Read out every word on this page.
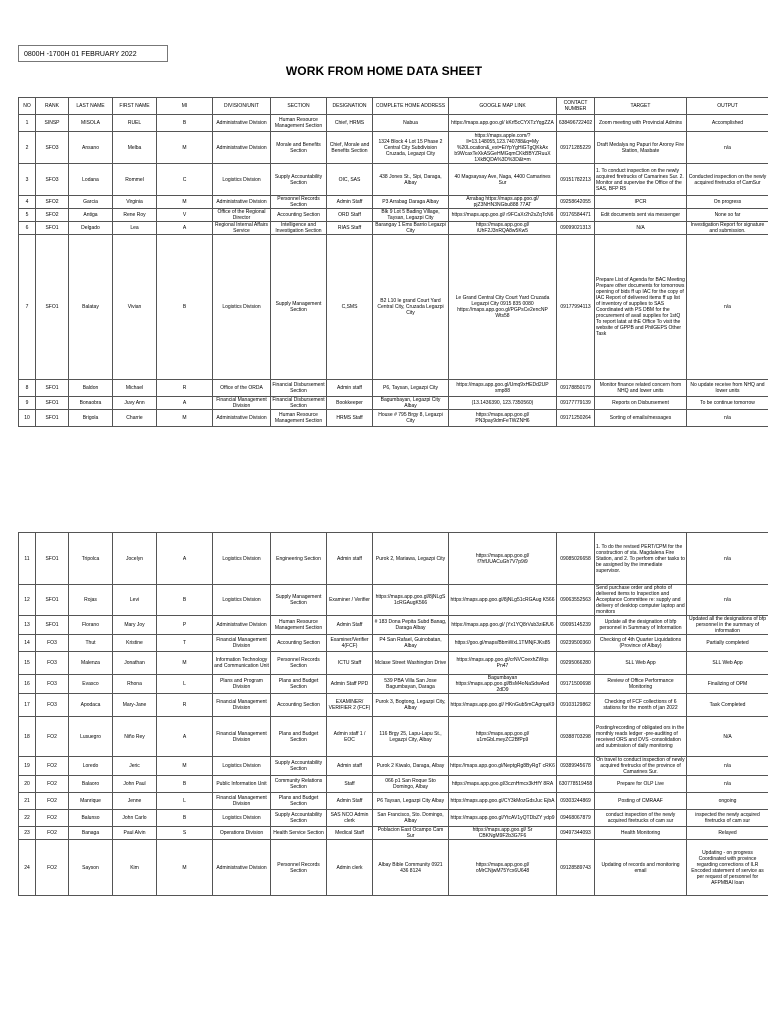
0800H -1700H 01 FEBRUARY 2022
WORK FROM HOME DATA SHEET
NO	RANK	LAST NAME	FIRST NAME	MI	DIVISION/UNIT	SECTION	DESIGNATION	COMPLETE HOME ADDRESS	GOOGLE MAP LINK	CONTACT NUMBER	TARGET	OUTPUT
1	SINSP	MISOLA	RUEL	B	Administrative Division	Human Resource Management Section	Chief, HRMS	Nabua	https://maps.app.goo.gl/ kKrf5cCYXTzYqgZZA	638496722402	Zoom meeting with Provincial Admins	Accomplished
2	SFO3	Ansano	Melba	M	Administrative Division	Morale and Benefits Section	Chief, Morale and Benefits Section	1324 Block 4 Lot 15 Phase 2 Central City Subdivision Cruzada, Legazpi City	https://maps.apple.com/? ll=13.148055,123.740788&q=My %20Location&_ext=EiYpYgHiGTgQKkAx b9WcaxTeXkASGeHMGqmCKkBBYZRuuX 1XkBQDA%3D%3D&t=m	09171285229	Draft Medalya ng Papuri for Aroroy Fire Station, Masbate	n/a
3	SFO3	Lodana	Rommel	C	Logistics Division	Supply Accountability Section	OIC, SAS	438 Jones St., Sipi, Daraga, Albay	40 Magsaysay Ave, Naga, 4400 Camarines Sur	09151782213	1. To conduct inspection on the newly acquired firetrucks of Camarines Sur. 2. Monitor and supervise the Office of the SAS, BFP R5	Conducted inspection on the newly acquired firetrucks of CamSur
4	SFO2	Garcia	Virginia	M	Administrative Division	Personnel Records Section	Admin Staff	P3 Arrabag Daraga Albay	Arrabag https://maps.app.goo.gl/ pjZ3NHN3NGbu888 77AT	09258642055	IPCR	On progress
5	SFO2	Antiga	Rene Roy	V	Office of the Regional Director	Accounting Section	ORD Staff	Blk 9 Lot 5 Bading Village, Taysan, Legazpi City	https://maps.app.goo.gl/ r9FCaXr2h2sZqTcN6	09176584471	Edit documents sent via messenger	None so far
6	SFO1	Delgado	Lea	A	Regional Internal Affairs Service	Intelligence and Investigation Section	RIAS Staff	Barangay 1 Ems Barrio Legazpi City	https://maps.app.goo.gl/ iUhF2J3nRQA8w5Kw5	09099021313	N/A	Investigation Report for signature and submission.
7	SFO1	Balatay	Vivian	B	Logistics Division	Supply Management Section	C,SMS	B2 L10 le grand Court Yard Central City, Cruzada Legazpi City	Le Grand Central City Court Yard Cruzada Legazpi City 0915 835 0080 https://maps.app.goo.gl/PGPsCe2encNP Wts58	09177994113	Prepare List of Agenda for BAC Meeting Prepare other documents for tomorrows opening of bids ff up IAC for the copy of IAC Report of delivered items ff up list of inventory of supplies to SAS Coordinated with PS DBM for the procurement of avail supplies for 1stQ To report latat at thE Office To visit the website of GPPB and PhilGEPS Other Task	n/a
8	SFO1	Baldon	Michael	R	Office of the ORDA	Financial Disbursement Section	Admin staff	P6, Taysan, Legazpi City	https://maps.app.goo.gl/Umq9xHEDd2UP smp88	09178850179	Monitor finance related concern from NHQ and lower units	No update receive from NHQ and lower units
9	SFO1	Bonaobra	Juvy Ann	A	Financial Management Division	Financial Disbursement Section	Bookkeeper	Bagumbayan, Legazpi City Albay	(13.1436390, 123.7350560)	09177779139	Reports on Disbursement	To be continue tomorrow
10	SFO1	Brigola	Charrie	M	Administrative Division	Human Resource Management Section	HRMS Staff	House # 795 Brgy 8, Legazpi City	https://maps.app.goo.gl/ PN3pay9dmFeTWZNH6	09171250264	Sorting of emails/messages	n/a
11	SFO1	Tripolca	Jocelyn	A	Logistics Division	Engineering Section	Admin staff	Purok 2, Mariawa, Legazpi City	https://maps.app.goo.gl/ f7hfUUACuGh7V7p9i9	09085026658	1. To do the revised PERT/CPM for the construction of sta. Magdalena Fire Station, and 2. To perform other tasks to be assigned by the immediate supervisor.	n/a
12	SFO1	Rojas	Levi	B	Logistics Division	Supply Management Section	Examiner / Verifier	https://maps.app.goo.gl/8jNLgS 1cRGAugK566	https://maps.app.goo.gl/8jNLg51cRGAug K566	09063552563	Send purchase order and photo of delivered items to Inspection and Acceptance Committee re: supply and delivery of desktop computer laptop and monitors	n/a
13	SFO1	Florano	Mary Joy	P	Administrative Division	Human Resource Management Section	Admin Staff	# 183 Dona Pepita Subd Banag, Daraga Albay	https://maps.app.goo.gl/ jYx1YQ8rVub3ziEfU6	09095145239	Update all the designation of bfp personnel in Summary of Information	Updated all the designations of bfp personnel in the summary of information
14	FO3	Thut	Kristine	T	Financial Management Division	Accounting Section	Examiner/Verifier 4(FCF)	P4 San Rafael, Guinobatan, Albay	https://goo.gl/maps/BbmWxL1TMNjFJKs85	09239500360	Checking of 4th Quarter Liquidations (Province of Albay)	Partially completed
15	FO3	Malenza	Jonathan	M	Information Technology and Communication Unit	Personnel Records Section	ICTU Staff	Mclase Street Washington Drive	https://maps.app.goo.gl/crNVCoexhZWqs Pn47	09295066280	SLL Web App	SLL Web App
16	FO3	Evasco	Rhona	L	Plans and Program Division	Plans and Budget Section	Admin Staff PPD	539 PBA Villa San Jose Bagumbayan, Daraga	Bagumbayan https://maps.app.goo.gl/BsM4oNaSdwAxd 2dD9	09171500698	Review of Office Performance Monitoring	Finalizing of OPM
17	FO3	Apodaca	Mary-Jane	R	Financial Management Division	Accounting Section	EXAMINER/ VERIFIER 2 (FCF)	Purok 3, Bogtong, Legazpi City, Albay	https://maps.app.goo.gl/ HKnGub5mCAgrqaK9	09103129862	Checking of FCF collections of 6 stations for the month of jan 2022	Task Completed
18	FO2	Lusuegro	Niño Rey	A	Financial Management Division	Plans and Budget Section	Admin staff 1 / EOC	116 Brgy 25, Lapu-Lapu St., Legazpi City, Albay	https://maps.app.goo.gl/ u1mGbLmeyZC2BfPp9	09388703298	Posting/recording of obligated ors in the monthly reads ledger -pre-auditing of received ORS and DVS -consolidation and submission of daily monitoring	N/A
19	FO2	Loredo	Jeric	M	Logistics Division	Supply Accountability Section	Admin staff	Purok 2 Kiwalo, Daraga, Albay	https://maps.app.goo.gl/NeptgRg8ByRgT cRK6	09389945678	On travel to conduct inspection of newly acquired firetrucks of the province of Camarines Sur.	n/a
20	FO2	Balaoro	John Paul	B	Public Information Unit	Community Relations Section	Staff	066 p1 San Roque Sto Domingo, Albay	https://maps.app.goo.gl/3cznHmcx3kHfY 8RA	630778519458	Prepare for OLP Live	n/a
21	FO2	Manrique	Jenne	L	Financial Management Division	Plans and Budget Section	Admin Staff	P6 Taysan, Legazpi City Albay	https://maps.app.goo.gl/CY3kMozGdsJuc EjbA	09303244869	Posting of CMRAAF	ongoing
22	FO2	Balunso	John Carlo	B	Logistics Division	Supply Accountability Section	SAS NCO Admin clerk	San Francisco, Sto. Domingo, Albay	https://maps.app.goo.gl/YtcAV1yQTDbZY ydp9	09468067879	conduct inspection of the newly acquired firetrucks of cam sur	inspected the newly acquired firetrucks of cam sur
23	FO2	Banaga	Paul Alvin	S	Operations Division	Health Service Section	Medical Staff	Poblacion East Ocampo Cam Sur	https://maps.app.goo.gl/ Sr CBKNgM9F2b3G7F6	09497344093	Health Monitoring	Relayed
24	FO2	Sayson	Kim	M	Administrative Division	Personnel Records Section	Admin clerk	Albay Bible Community 0921 436 8124	https://maps.app.goo.gl/ oMrCNjwM75Ycx6U648	09128589743	Updating of records and monitoring email	Updating - on progress Coordinated with province regarding corrections of ILR Encoded statement of service as per request of personnel for AFPMBAI loan
